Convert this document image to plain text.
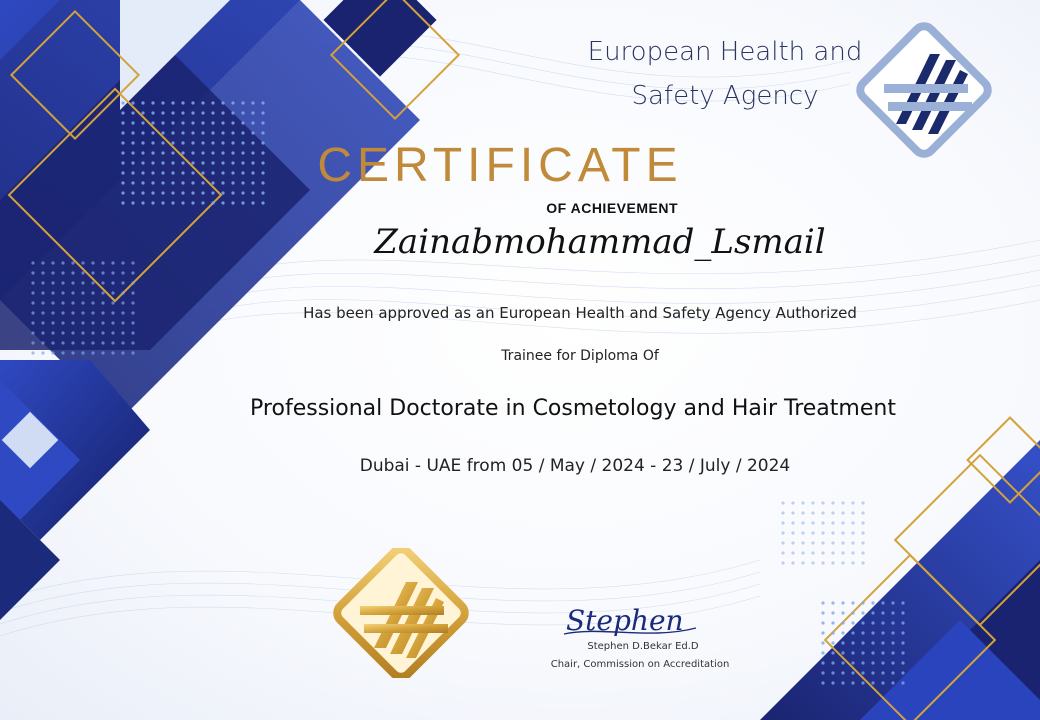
European Health and
Safety Agency
CERTIFICATE
OF ACHIEVEMENT
Zainabmohammad_Lsmail
Has been approved as an European Health and Safety Agency Authorized
Trainee for Diploma Of
Professional Doctorate in Cosmetology and Hair Treatment
Dubai - UAE from 05 / May / 2024 - 23 / July / 2024
Stephen
Stephen D.Bekar Ed.D
Chair, Commission on Accreditation
